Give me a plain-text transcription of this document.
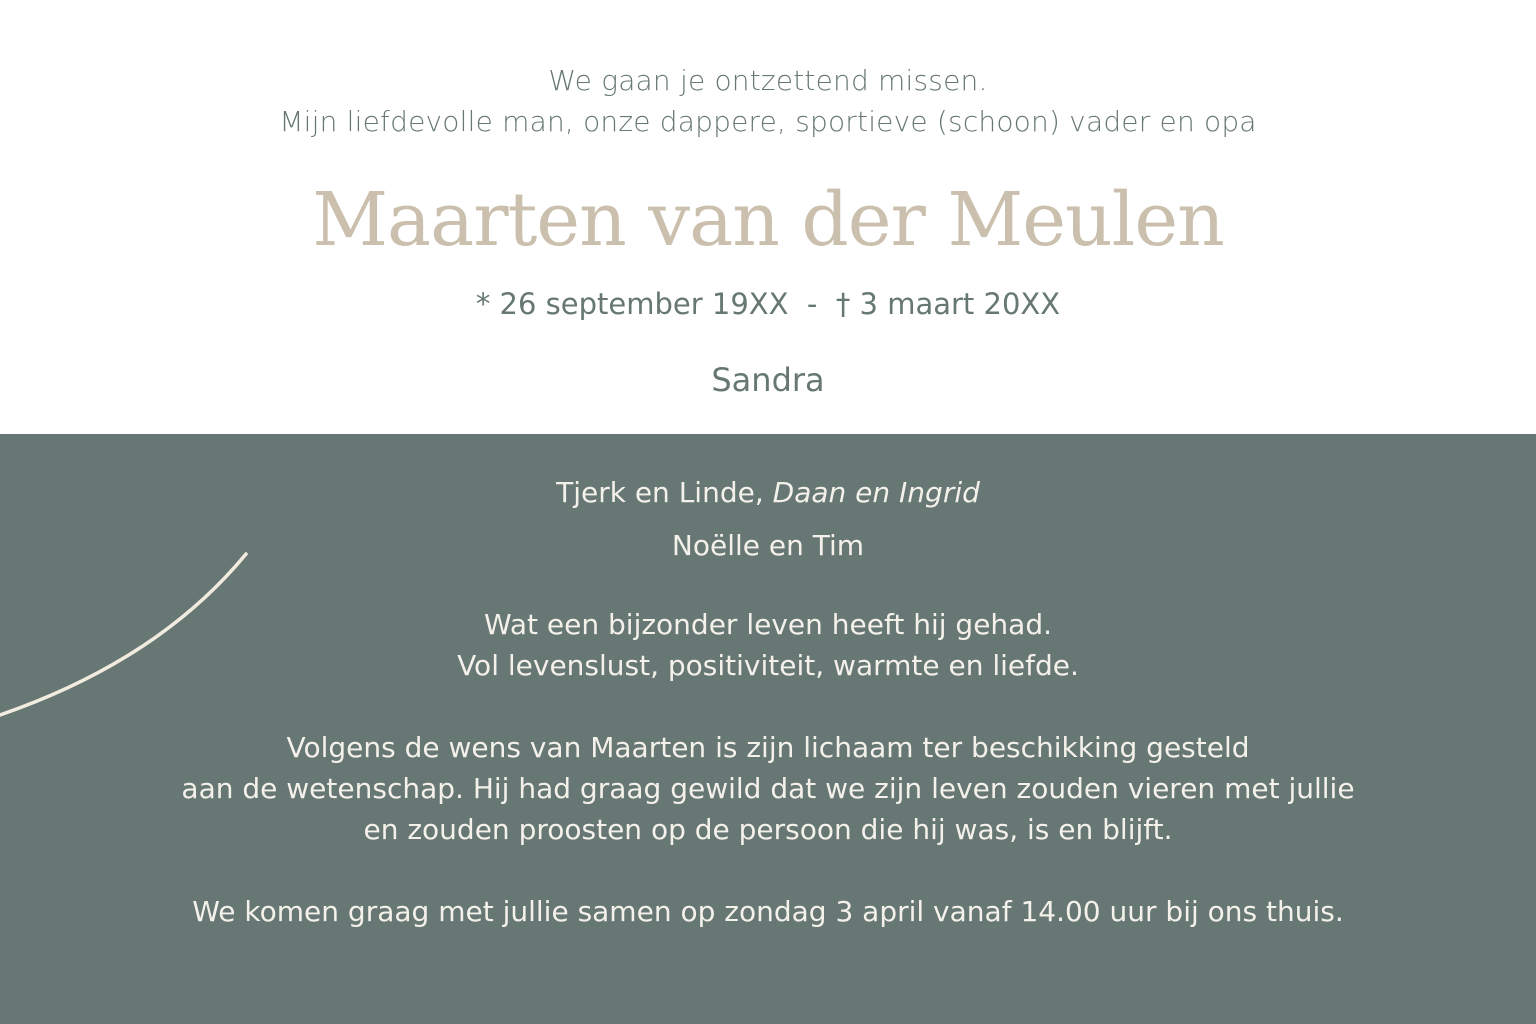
We gaan je ontzettend missen.
Mijn liefdevolle man, onze dappere, sportieve (schoon) vader en opa
Maarten van der Meulen
* 26 september 19XX  -  † 3 maart 20XX
Sandra
Tjerk en Linde, Daan en Ingrid
Noëlle en Tim
Wat een bijzonder leven heeft hij gehad.
Vol levenslust, positiviteit, warmte en liefde.
Volgens de wens van Maarten is zijn lichaam ter beschikking gesteld
aan de wetenschap. Hij had graag gewild dat we zijn leven zouden vieren met jullie
en zouden proosten op de persoon die hij was, is en blijft.
We komen graag met jullie samen op zondag 3 april vanaf 14.00 uur bij ons thuis.
